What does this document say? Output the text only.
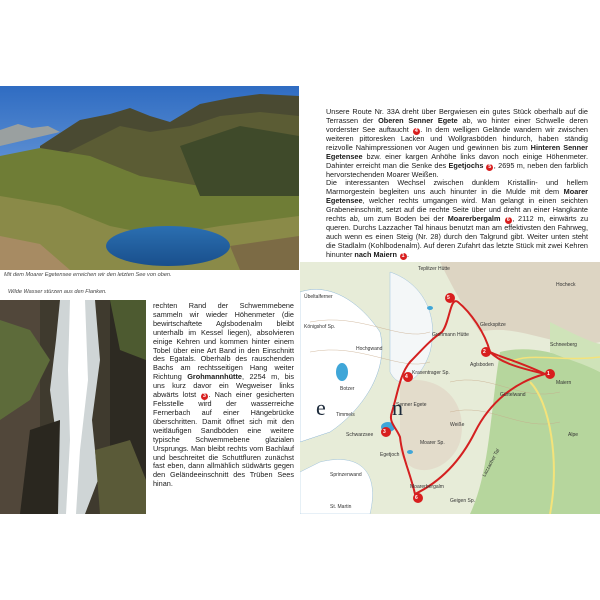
Mit dem Moarer Egetensee erreichen wir den letzten See von oben.
Wilde Wasser stürzen aus den Flanken.

Unsere Route Nr. 33A dreht über Bergwiesen ein gutes Stück oberhalb auf die Terrassen der Oberen Senner Egete ab, wo hinter einer Schwelle deren vorderster See auftaucht 4 . In dem welligen Gelände wandern wir zwischen weiteren pittoresken Lacken und Wollgrasböden hindurch, haben ständig reizvolle Nahimpressionen vor Augen und gewinnen bis zum Hinteren Senner Egetensee bzw. einer kargen Anhöhe links davon noch einige Höhenmeter. Dahinter erreicht man die Senke des Egetjochs 5 , 2695 m, neben den farblich hervorstechenden Moarer Weißen.

Die interessanten Wechsel zwischen dunklem Kristallin- und hellem Marmorgestein begleiten uns auch hinunter in die Mulde mit dem Moarer Egetensee, welcher rechts umgangen wird. Man gelangt in einen seichten Grabeneinschnitt, setzt auf die rechte Seite über und dreht an einer Hangkante rechts ab, um zum Boden bei der Moarerbergalm 6 , 2112 m, einwärts zu queren. Durchs Lazzacher Tal hinaus benutzt man am effektivsten den Fahrweg, auch wenn es einen Steig (Nr. 28) durch den Talgrund gibt. Weiter unten steht die Stadlalm (Kohlbodenalm). Auf deren Zufahrt das letzte Stück mit zwei Kehren hinunter nach Maiern 1 .

rechten Rand der Schwemmebene sammeln wir wieder Höhenmeter (die bewirtschaftete Aglsbodenalm bleibt unterhalb im Kessel liegen), absolvieren einige Kehren und kommen hinter einem Tobel über eine Art Band in den Einschnitt des Egatals. Oberhalb des rauschenden Bachs am rechtsseitigen Hang weiter Richtung Grohmannhütte, 2254 m, bis uns kurz davor ein Wegweiser links abwärts lotst 3 . Nach einer gesicherten Felsstelle wird der wasserreiche Fernerbach auf einer Hängebrücke überschritten. Damit öffnet sich mit den weitläufigen Sandböden eine weitere typische Schwemmebene glazialen Ursprungs. Man bleibt rechts vom Bachlauf und beschreitet die Schuttfluren zunächst fast eben, dann allmählich südwärts gegen den Geländeeinschnitt des Trüben Sees hinan.

1
2
3
4
5
6
e	n
Teplitzer Hütte
Hocheck
Königshof Sp.
Hochgwand
Botzer
Timmels
Schwarzsee
Moarer Sp.
Sprinzenwand
St. Martin
Maiern
Lazzacher Tal
Egetjoch
Übeltalferner
Kraxentrager Sp.
Grohmann Hütte
Gleckspitze
Geigen Sp.
Alpe
Schneeberg
Weiße
Gürtelwand
Aglsboden
Moarerbergalm
Senner Egete
